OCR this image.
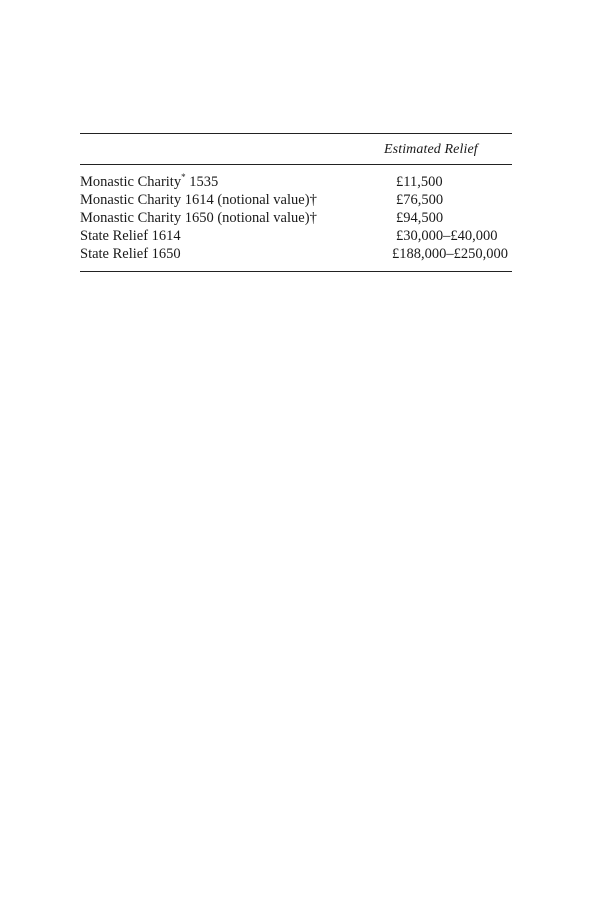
Estimated Relief
Monastic Charity* 1535	£11,500
Monastic Charity 1614 (notional value)†	£76,500
Monastic Charity 1650 (notional value)†	£94,500
State Relief 1614	£30,000–£40,000
State Relief 1650	£188,000–£250,000
